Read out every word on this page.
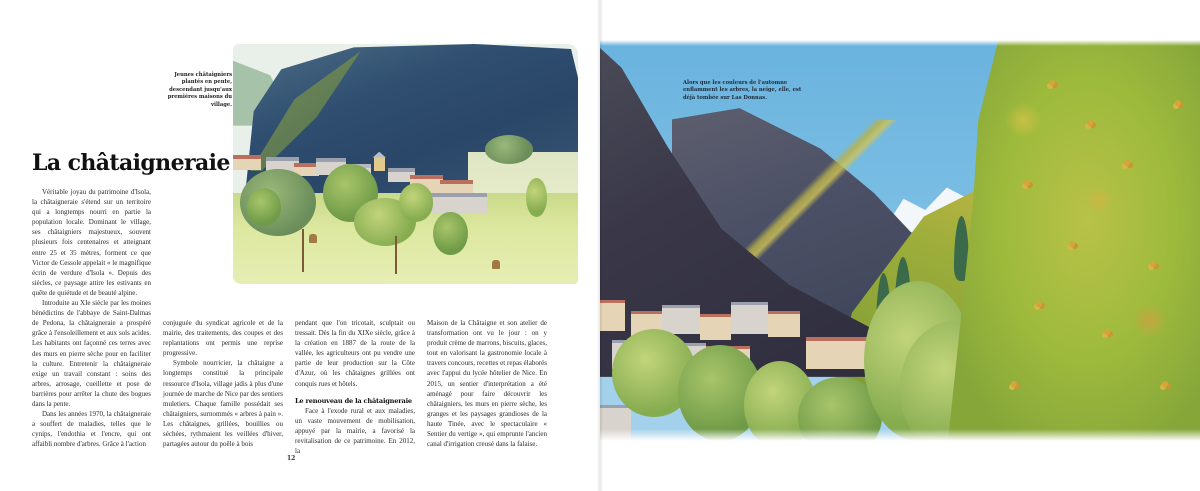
Jeunes châtaigniers plantés en pente, descendant jusqu'aux premières maisons du village.
La châtaigneraie

Véritable joyau du patrimoine d'Isola, la châtaigneraie s'étend sur un territoire qui a longtemps nourri en partie la population locale. Dominant le village, ses châtaigniers majestueux, souvent plusieurs fois centenaires et atteignant entre 25 et 35 mètres, forment ce que Victor de Cessole appelait « le magnifique écrin de verdure d'Isola ». Depuis des siècles, ce paysage attire les estivants en quête de quiétude et de beauté alpine.

Introduite au XIe siècle par les moines bénédictins de l'abbaye de Saint-Dalmas de Pedona, la châtaigneraie a prospéré grâce à l'ensoleillement et aux sols acides. Les habitants ont façonné ces terres avec des murs en pierre sèche pour en faciliter la culture. Entretenir la châtaigneraie exige un travail constant : soins des arbres, arrosage, cueillette et pose de barrières pour arrêter la chute des bogues dans la pente.

Dans les années 1970, la châtaigneraie a souffert de maladies, telles que le cynips, l'endothia et l'encre, qui ont affaibli nombre d'arbres. Grâce à l'action

conjuguée du syndicat agricole et de la mairie, des traitements, des coupes et des replantations ont permis une reprise progressive.

Symbole nourricier, la châtaigne a longtemps constitué la principale ressource d'Isola, village jadis à plus d'une journée de marche de Nice par des sentiers muletiers. Chaque famille possédait ses châtaigniers, surnommés « arbres à pain ». Les châtaignes, grillées, bouillies ou séchées, rythmaient les veillées d'hiver, partagées autour du poêle à bois

pendant que l'on tricotait, sculptait ou tressait. Dès la fin du XIXe siècle, grâce à la création en 1887 de la route de la vallée, les agriculteurs ont pu vendre une partie de leur production sur la Côte d'Azur, où les châtaignes grillées ont conquis rues et hôtels.

Le renouveau de la châtaigneraie

Face à l'exode rural et aux maladies, un vaste mouvement de mobilisation, appuyé par la mairie, a favorisé la revitalisation de ce patrimoine. En 2012, la

Maison de la Châtaigne et son atelier de transformation ont vu le jour : on y produit crème de marrons, biscuits, glaces, tout en valorisant la gastronomie locale à travers concours, recettes et repas élaborés avec l'appui du lycée hôtelier de Nice. En 2015, un sentier d'interprétation a été aménagé pour faire découvrir les châtaigniers, les murs en pierre sèche, les granges et les paysages grandioses de la haute Tinée, avec le spectaculaire « Sentier du vertige », qui emprunte l'ancien canal d'irrigation creusé dans la falaise.

12
Alors que les couleurs de l'automne enflamment les arbres, la neige, elle, est déjà tombée sur Las Donnas.
